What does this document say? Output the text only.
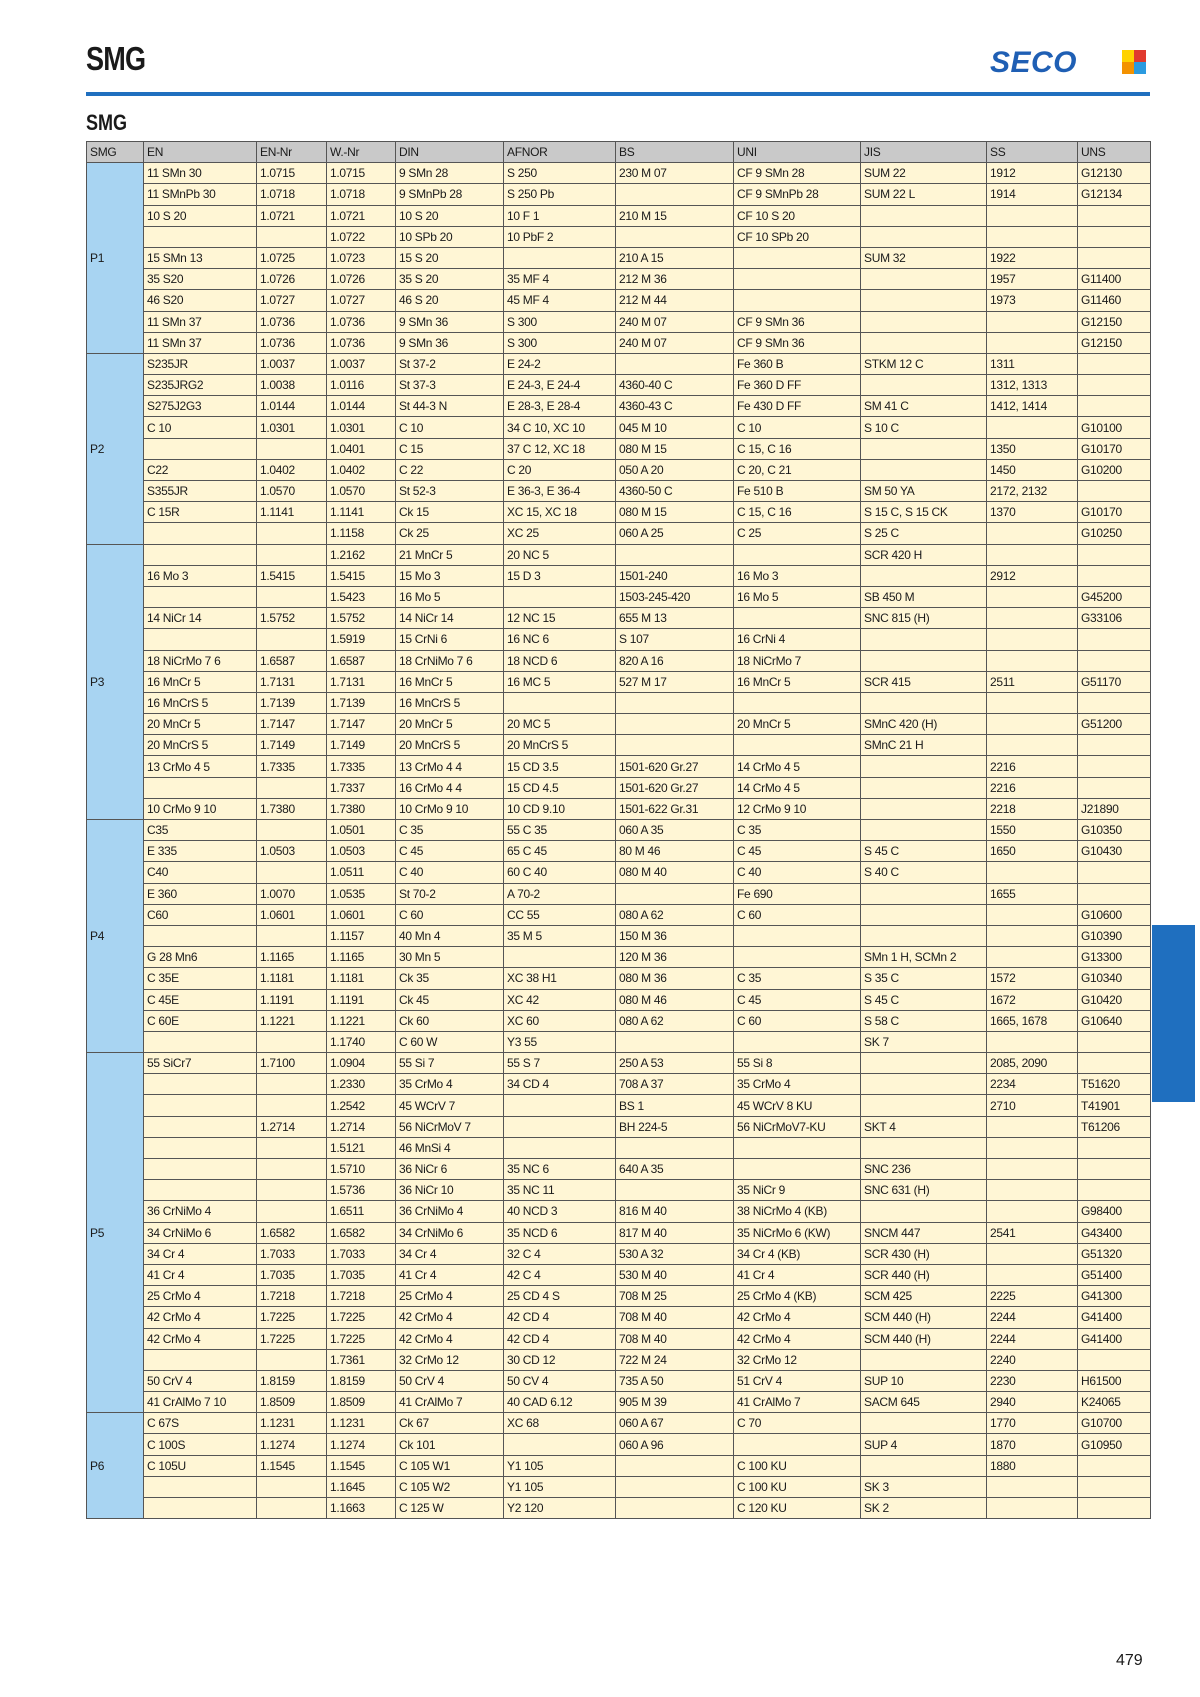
SMG	SECO
SMG
SMG	EN	EN-Nr	W.-Nr	DIN	AFNOR	BS	UNI	JIS	SS	UNS
P1	11 SMn 30	1.0715	1.0715	9 SMn 28	S 250	230 M 07	CF 9 SMn 28	SUM 22	1912	G12130
	11 SMnPb 30	1.0718	1.0718	9 SMnPb 28	S 250 Pb		CF 9 SMnPb 28	SUM 22 L	1914	G12134
	10 S 20	1.0721	1.0721	10 S 20	10 F 1	210 M 15	CF 10 S 20			
			1.0722	10 SPb 20	10 PbF 2		CF 10 SPb 20			
	15 SMn 13	1.0725	1.0723	15 S 20		210 A 15		SUM 32	1922	
	35 S20	1.0726	1.0726	35 S 20	35 MF 4	212 M 36			1957	G11400
	46 S20	1.0727	1.0727	46 S 20	45 MF 4	212 M 44			1973	G11460
	11 SMn 37	1.0736	1.0736	9 SMn 36	S 300	240 M 07	CF 9 SMn 36			G12150
	11 SMn 37	1.0736	1.0736	9 SMn 36	S 300	240 M 07	CF 9 SMn 36			G12150
P2	S235JR	1.0037	1.0037	St 37-2	E 24-2		Fe 360 B	STKM 12 C	1311	
	S235JRG2	1.0038	1.0116	St 37-3	E 24-3, E 24-4	4360-40 C	Fe 360 D FF		1312, 1313	
	S275J2G3	1.0144	1.0144	St 44-3 N	E 28-3, E 28-4	4360-43 C	Fe 430 D FF	SM 41 C	1412, 1414	
	C 10	1.0301	1.0301	C 10	34 C 10, XC 10	045 M 10	C 10	S 10 C		G10100
			1.0401	C 15	37 C 12, XC 18	080 M 15	C 15, C 16		1350	G10170
	C22	1.0402	1.0402	C 22	C 20	050 A 20	C 20, C 21		1450	G10200
	S355JR	1.0570	1.0570	St 52-3	E 36-3, E 36-4	4360-50 C	Fe 510 B	SM 50 YA	2172, 2132	
	C 15R	1.1141	1.1141	Ck 15	XC 15, XC 18	080 M 15	C 15, C 16	S 15 C, S 15 CK	1370	G10170
			1.1158	Ck 25	XC 25	060 A 25	C 25	S 25 C		G10250
P3			1.2162	21 MnCr 5	20 NC 5			SCR 420 H		
	16 Mo 3	1.5415	1.5415	15 Mo 3	15 D 3	1501-240	16 Mo 3		2912	
			1.5423	16 Mo 5		1503-245-420	16 Mo 5	SB 450 M		G45200
	14 NiCr 14	1.5752	1.5752	14 NiCr 14	12 NC 15	655 M 13		SNC 815 (H)		G33106
			1.5919	15 CrNi 6	16 NC 6	S 107	16 CrNi 4			
	18 NiCrMo 7 6	1.6587	1.6587	18 CrNiMo 7 6	18 NCD 6	820 A 16	18 NiCrMo 7			
	16 MnCr 5	1.7131	1.7131	16 MnCr 5	16 MC 5	527 M 17	16 MnCr 5	SCR 415	2511	G51170
	16 MnCrS 5	1.7139	1.7139	16 MnCrS 5						
	20 MnCr 5	1.7147	1.7147	20 MnCr 5	20 MC 5		20 MnCr 5	SMnC 420 (H)		G51200
	20 MnCrS 5	1.7149	1.7149	20 MnCrS 5	20 MnCrS 5			SMnC 21 H		
	13 CrMo 4 5	1.7335	1.7335	13 CrMo 4 4	15 CD 3.5	1501-620 Gr.27	14 CrMo 4 5		2216	
			1.7337	16 CrMo 4 4	15 CD 4.5	1501-620 Gr.27	14 CrMo 4 5		2216	
	10 CrMo 9 10	1.7380	1.7380	10 CrMo 9 10	10 CD 9.10	1501-622 Gr.31	12 CrMo 9 10		2218	J21890
P4	C35		1.0501	C 35	55 C 35	060 A 35	C 35		1550	G10350
	E 335	1.0503	1.0503	C 45	65 C 45	80 M 46	C 45	S 45 C	1650	G10430
	C40		1.0511	C 40	60 C 40	080 M 40	C 40	S 40 C		
	E 360	1.0070	1.0535	St 70-2	A 70-2		Fe 690		1655	
	C60	1.0601	1.0601	C 60	CC 55	080 A 62	C 60			G10600
			1.1157	40 Mn 4	35 M 5	150 M 36				G10390
	G 28 Mn6	1.1165	1.1165	30 Mn 5		120 M 36		SMn 1 H, SCMn 2		G13300
	C 35E	1.1181	1.1181	Ck 35	XC 38 H1	080 M 36	C 35	S 35 C	1572	G10340
	C 45E	1.1191	1.1191	Ck 45	XC 42	080 M 46	C 45	S 45 C	1672	G10420
	C 60E	1.1221	1.1221	Ck 60	XC 60	080 A 62	C 60	S 58 C	1665, 1678	G10640
			1.1740	C 60 W	Y3 55			SK 7		
P5	55 SiCr7	1.7100	1.0904	55 Si 7	55 S 7	250 A 53	55 Si 8		2085, 2090	
			1.2330	35 CrMo 4	34 CD 4	708 A 37	35 CrMo 4		2234	T51620
			1.2542	45 WCrV 7		BS 1	45 WCrV 8 KU		2710	T41901
		1.2714	1.2714	56 NiCrMoV 7		BH 224-5	56 NiCrMoV7-KU	SKT 4		T61206
			1.5121	46 MnSi 4						
			1.5710	36 NiCr 6	35 NC 6	640 A 35		SNC 236		
			1.5736	36 NiCr 10	35 NC 11		35 NiCr 9	SNC 631 (H)		
	36 CrNiMo 4		1.6511	36 CrNiMo 4	40 NCD 3	816 M 40	38 NiCrMo 4 (KB)			G98400
	34 CrNiMo 6	1.6582	1.6582	34 CrNiMo 6	35 NCD 6	817 M 40	35 NiCrMo 6 (KW)	SNCM 447	2541	G43400
	34 Cr 4	1.7033	1.7033	34 Cr 4	32 C 4	530 A 32	34 Cr 4 (KB)	SCR 430 (H)		G51320
	41 Cr 4	1.7035	1.7035	41 Cr 4	42 C 4	530 M 40	41 Cr 4	SCR 440 (H)		G51400
	25 CrMo 4	1.7218	1.7218	25 CrMo 4	25 CD 4 S	708 M 25	25 CrMo 4 (KB)	SCM 425	2225	G41300
	42 CrMo 4	1.7225	1.7225	42 CrMo 4	42 CD 4	708 M 40	42 CrMo 4	SCM 440 (H)	2244	G41400
	42 CrMo 4	1.7225	1.7225	42 CrMo 4	42 CD 4	708 M 40	42 CrMo 4	SCM 440 (H)	2244	G41400
			1.7361	32 CrMo 12	30 CD 12	722 M 24	32 CrMo 12		2240	
	50 CrV 4	1.8159	1.8159	50 CrV 4	50 CV 4	735 A 50	51 CrV 4	SUP 10	2230	H61500
	41 CrAlMo 7 10	1.8509	1.8509	41 CrAlMo 7	40 CAD 6.12	905 M 39	41 CrAlMo 7	SACM 645	2940	K24065
P6	C 67S	1.1231	1.1231	Ck 67	XC 68	060 A 67	C 70		1770	G10700
	C 100S	1.1274	1.1274	Ck 101		060 A 96		SUP 4	1870	G10950
	C 105U	1.1545	1.1545	C 105 W1	Y1 105		C 100 KU		1880	
			1.1645	C 105 W2	Y1 105		C 100 KU	SK 3		
			1.1663	C 125 W	Y2 120		C 120 KU	SK 2		
479
